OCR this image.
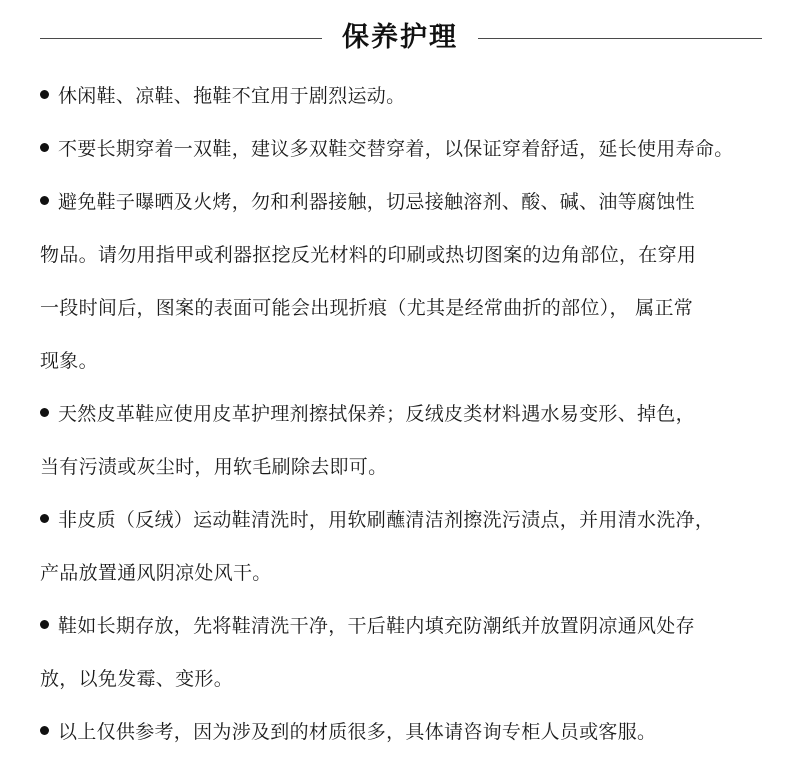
保养护理
休闲鞋、凉鞋、拖鞋不宜用于剧烈运动。
不要长期穿着一双鞋，建议多双鞋交替穿着，以保证穿着舒适，延长使用寿命。
避免鞋子曝晒及火烤，勿和利器接触，切忌接触溶剂、酸、碱、油等腐蚀性
物品。请勿用指甲或利器抠挖反光材料的印刷或热切图案的边角部位，在穿用
一段时间后，图案的表面可能会出现折痕（尤其是经常曲折的部位）， 属正常
现象。
天然皮革鞋应使用皮革护理剂擦拭保养；反绒皮类材料遇水易变形、掉色，
当有污渍或灰尘时，用软毛刷除去即可。
非皮质（反绒）运动鞋清洗时，用软刷蘸清洁剂擦洗污渍点，并用清水洗净，
产品放置通风阴凉处风干。
鞋如长期存放，先将鞋清洗干净，干后鞋内填充防潮纸并放置阴凉通风处存
放，以免发霉、变形。
以上仅供参考，因为涉及到的材质很多，具体请咨询专柜人员或客服。
